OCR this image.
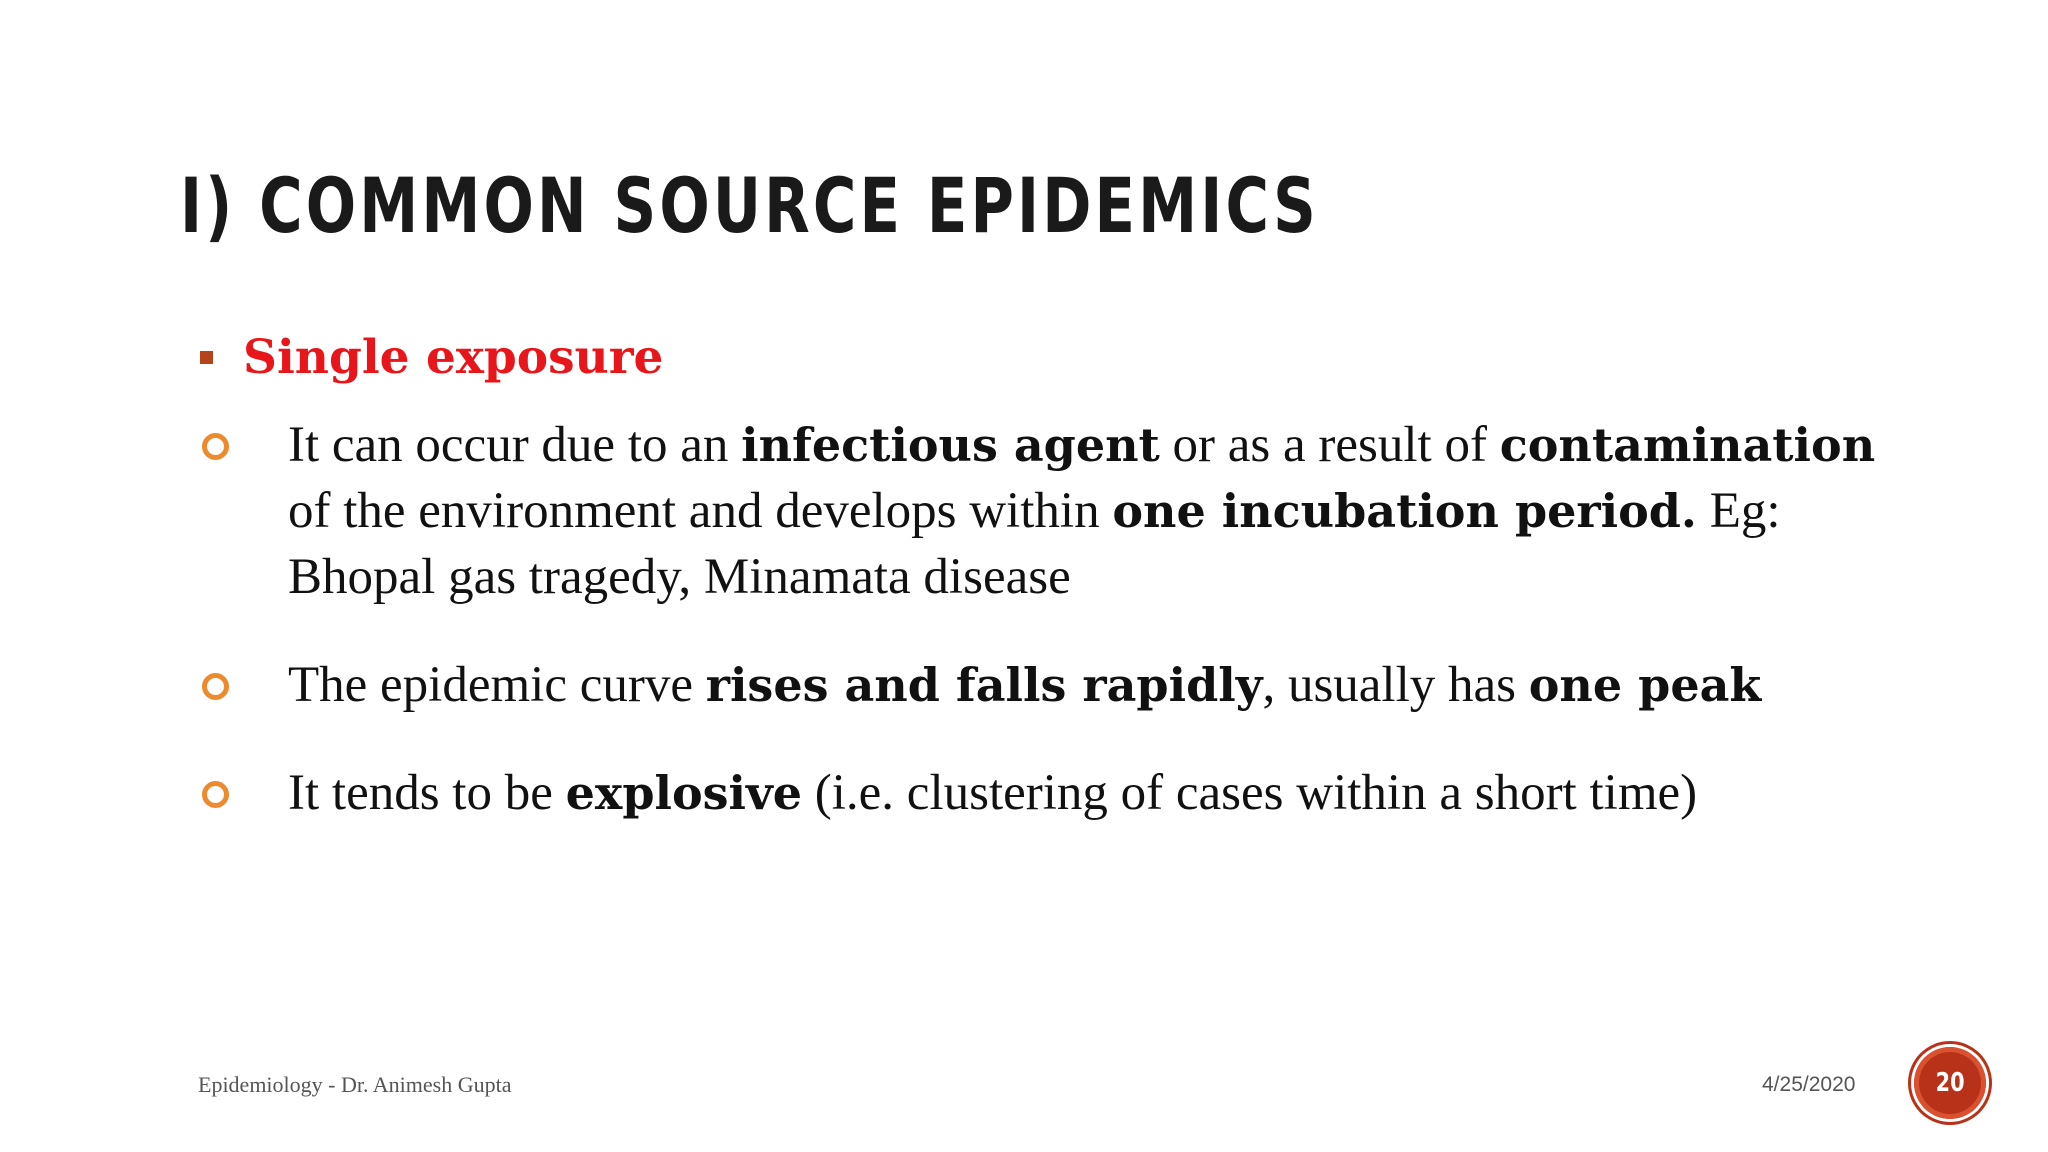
I) COMMON SOURCE EPIDEMICS
Single exposure
It can occur due to an infectious agent or as a result of contamination of the environment and develops within one incubation period. Eg: Bhopal gas tragedy, Minamata disease
The epidemic curve rises and falls rapidly, usually has one peak
It tends to be explosive (i.e. clustering of cases within a short time)
Epidemiology - Dr. Animesh Gupta	4/25/2020	20
